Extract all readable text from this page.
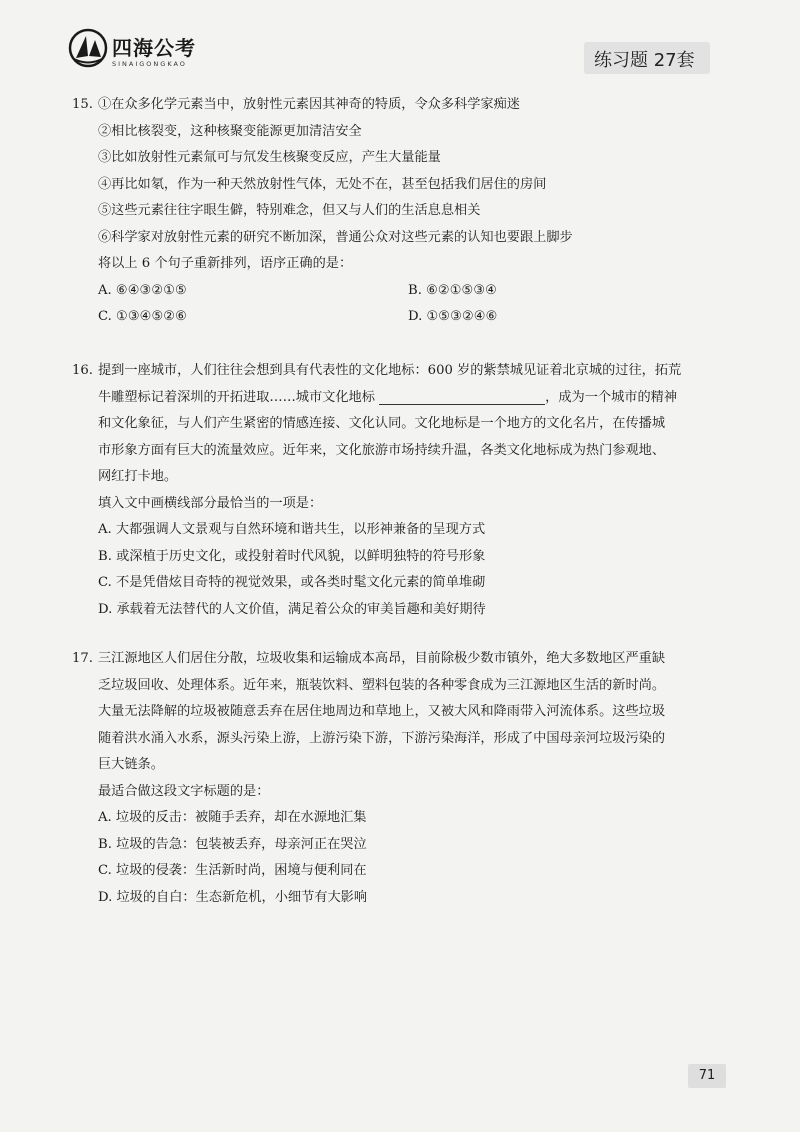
四海公考
SINAIGONGKAO	练习题 27套
15. ①在众多化学元素当中，放射性元素因其神奇的特质，令众多科学家痴迷
②相比核裂变，这种核聚变能源更加清洁安全
③比如放射性元素氚可与氘发生核聚变反应，产生大量能量
④再比如氡，作为一种天然放射性气体，无处不在，甚至包括我们居住的房间
⑤这些元素往往字眼生僻，特别难念，但又与人们的生活息息相关
⑥科学家对放射性元素的研究不断加深，普通公众对这些元素的认知也要跟上脚步
将以上 6 个句子重新排列，语序正确的是：
A. ⑥④③②①⑤	B. ⑥②①⑤③④
C. ①③④⑤②⑥	D. ①⑤③②④⑥
16. 提到一座城市，人们往往会想到具有代表性的文化地标：600 岁的紫禁城见证着北京城的过往，拓荒
牛雕塑标记着深圳的开拓进取……城市文化地标	，成为一个城市的精神
和文化象征，与人们产生紧密的情感连接、文化认同。文化地标是一个地方的文化名片，在传播城
市形象方面有巨大的流量效应。近年来，文化旅游市场持续升温，各类文化地标成为热门参观地、
网红打卡地。
填入文中画横线部分最恰当的一项是：
A. 大都强调人文景观与自然环境和谐共生，以形神兼备的呈现方式
B. 或深植于历史文化，或投射着时代风貌，以鲜明独特的符号形象
C. 不是凭借炫目奇特的视觉效果，或各类时髦文化元素的简单堆砌
D. 承载着无法替代的人文价值，满足着公众的审美旨趣和美好期待
17. 三江源地区人们居住分散，垃圾收集和运输成本高昂，目前除极少数市镇外，绝大多数地区严重缺
乏垃圾回收、处理体系。近年来，瓶装饮料、塑料包装的各种零食成为三江源地区生活的新时尚。
大量无法降解的垃圾被随意丢弃在居住地周边和草地上，又被大风和降雨带入河流体系。这些垃圾
随着洪水涌入水系，源头污染上游，上游污染下游，下游污染海洋，形成了中国母亲河垃圾污染的
巨大链条。
最适合做这段文字标题的是：
A. 垃圾的反击：被随手丢弃，却在水源地汇集
B. 垃圾的告急：包装被丢弃，母亲河正在哭泣
C. 垃圾的侵袭：生活新时尚，困境与便利同在
D. 垃圾的自白：生态新危机，小细节有大影响
71
